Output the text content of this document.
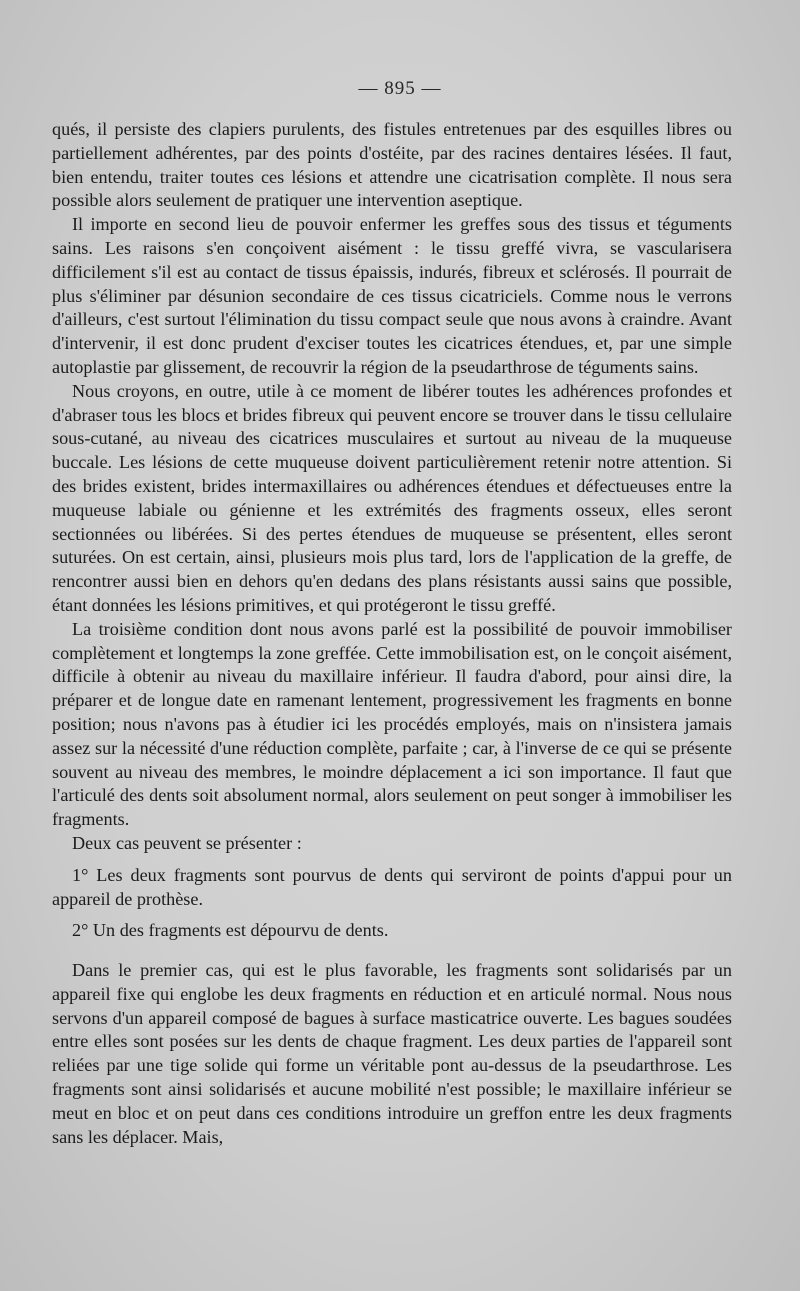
— 895 —

qués, il persiste des clapiers purulents, des fistules entretenues par des esquilles libres ou partiellement adhérentes, par des points d'ostéite, par des racines dentaires lésées. Il faut, bien entendu, traiter toutes ces lésions et attendre une cicatrisation complète. Il nous sera possible alors seulement de pratiquer une intervention aseptique.

Il importe en second lieu de pouvoir enfermer les greffes sous des tissus et téguments sains. Les raisons s'en conçoivent aisément : le tissu greffé vivra, se vascularisera difficilement s'il est au contact de tissus épaissis, indurés, fibreux et sclérosés. Il pourrait de plus s'éliminer par désunion secondaire de ces tissus cicatriciels. Comme nous le verrons d'ailleurs, c'est surtout l'élimination du tissu compact seule que nous avons à craindre. Avant d'intervenir, il est donc prudent d'exciser toutes les cicatrices étendues, et, par une simple autoplastie par glissement, de recouvrir la région de la pseudarthrose de téguments sains.

Nous croyons, en outre, utile à ce moment de libérer toutes les adhérences profondes et d'abraser tous les blocs et brides fibreux qui peuvent encore se trouver dans le tissu cellulaire sous-cutané, au niveau des cicatrices musculaires et surtout au niveau de la muqueuse buccale. Les lésions de cette muqueuse doivent particulièrement retenir notre attention. Si des brides existent, brides intermaxillaires ou adhérences étendues et défectueuses entre la muqueuse labiale ou génienne et les extrémités des fragments osseux, elles seront sectionnées ou libérées. Si des pertes étendues de muqueuse se présentent, elles seront suturées. On est certain, ainsi, plusieurs mois plus tard, lors de l'application de la greffe, de rencontrer aussi bien en dehors qu'en dedans des plans résistants aussi sains que possible, étant données les lésions primitives, et qui protégeront le tissu greffé.

La troisième condition dont nous avons parlé est la possibilité de pouvoir immobiliser complètement et longtemps la zone greffée. Cette immobilisation est, on le conçoit aisément, difficile à obtenir au niveau du maxillaire inférieur. Il faudra d'abord, pour ainsi dire, la préparer et de longue date en ramenant lentement, progressivement les fragments en bonne position; nous n'avons pas à étudier ici les procédés employés, mais on n'insistera jamais assez sur la nécessité d'une réduction complète, parfaite ; car, à l'inverse de ce qui se présente souvent au niveau des membres, le moindre déplacement a ici son importance. Il faut que l'articulé des dents soit absolument normal, alors seulement on peut songer à immobiliser les fragments.

Deux cas peuvent se présenter :

1° Les deux fragments sont pourvus de dents qui serviront de points d'appui pour un appareil de prothèse.

2° Un des fragments est dépourvu de dents.

Dans le premier cas, qui est le plus favorable, les fragments sont solidarisés par un appareil fixe qui englobe les deux fragments en réduction et en articulé normal. Nous nous servons d'un appareil composé de bagues à surface masticatrice ouverte. Les bagues soudées entre elles sont posées sur les dents de chaque fragment. Les deux parties de l'appareil sont reliées par une tige solide qui forme un véritable pont au-dessus de la pseudarthrose. Les fragments sont ainsi solidarisés et aucune mobilité n'est possible; le maxillaire inférieur se meut en bloc et on peut dans ces conditions introduire un greffon entre les deux fragments sans les déplacer. Mais,
